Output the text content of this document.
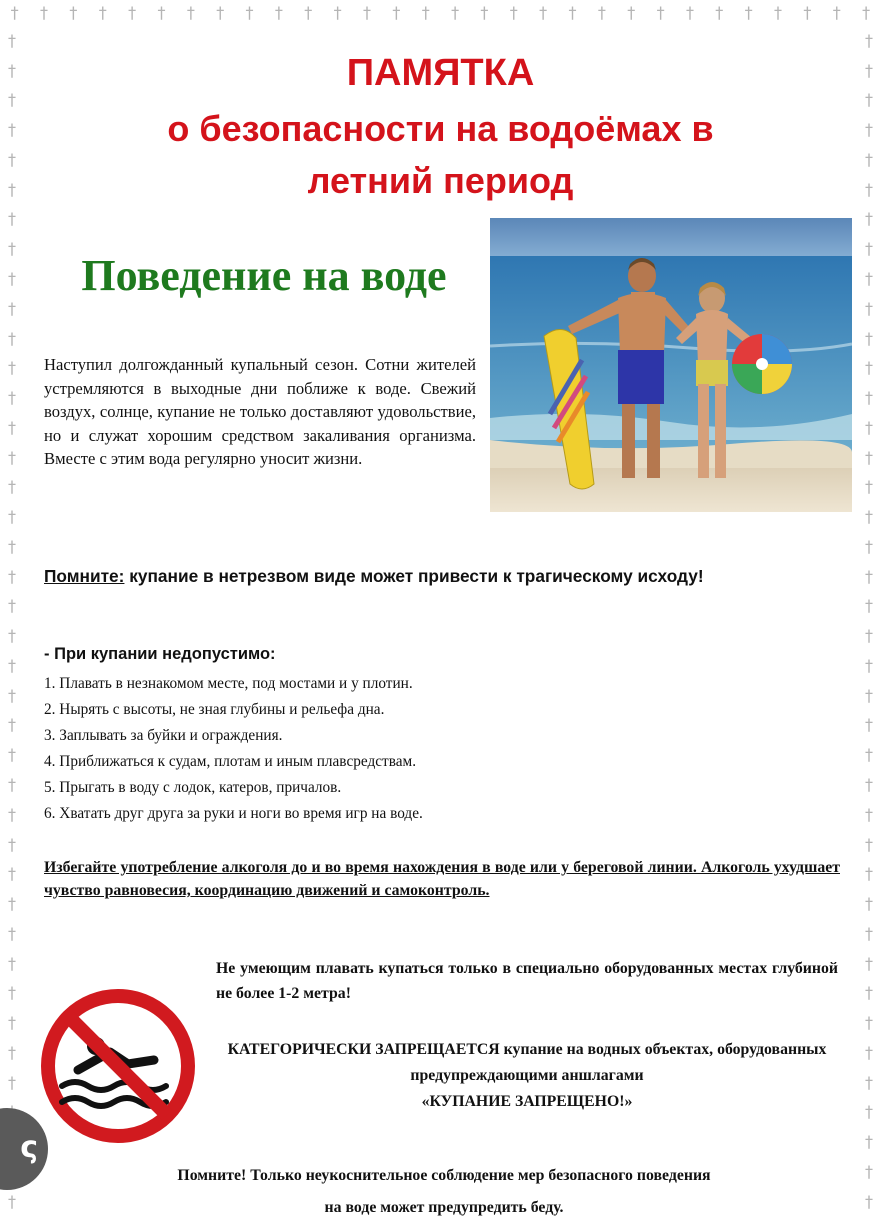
† † † † † † † † † † † † † † † † † † † † † † † † † † † † † †
†
†
†
†
†
†
†
†
†
†
†
†
†
†
†
†
†
†
†
†
†
†
†
†
†
†
†
†
†
†
†
†
†
†
†
†
†
†
†
†
†
†
†
†
†
†
†
†
†
†
†
†
†
†
†
†
†
†
†
†
†
†
†
†
†
†
†
†
†
†
†
†
†
†
†
†
†
ПАМЯТКА
о безопасности на водоёмах в
летний период
Поведение на воде
Наступил долгожданный купальный сезон. Сотни жителей устремляются в выходные дни поближе к воде. Свежий воздух, солнце, купание не только доставляют удовольствие, но и служат хорошим средством закаливания организма. Вместе с этим вода регулярно уносит жизни.
Помните: купание в нетрезвом виде может привести к трагическому исходу!
- При купании недопустимо:
1. Плавать в незнакомом месте, под мостами и у плотин.
2. Нырять с высоты, не зная глубины и рельефа дна.
3. Заплывать за буйки и ограждения.
4. Приближаться к судам, плотам и иным плавсредствам.
5. Прыгать в воду с лодок, катеров, причалов.
6. Хватать друг друга за руки и ноги во время игр на воде.
Избегайте употребление алкоголя до и во время нахождения в воде или у береговой линии. Алкоголь ухудшает чувство равновесия, координацию движений и самоконтроль.
Не умеющим плавать купаться только в специально оборудованных местах глубиной не более 1-2 метра!
КАТЕГОРИЧЕСКИ ЗАПРЕЩАЕТСЯ купание на водных объектах, оборудованных предупреждающими аншлагами
«КУПАНИЕ ЗАПРЕЩЕНО!»
Помните! Только неукоснительное соблюдение мер безопасного поведения
на воде может предупредить беду.
ς
